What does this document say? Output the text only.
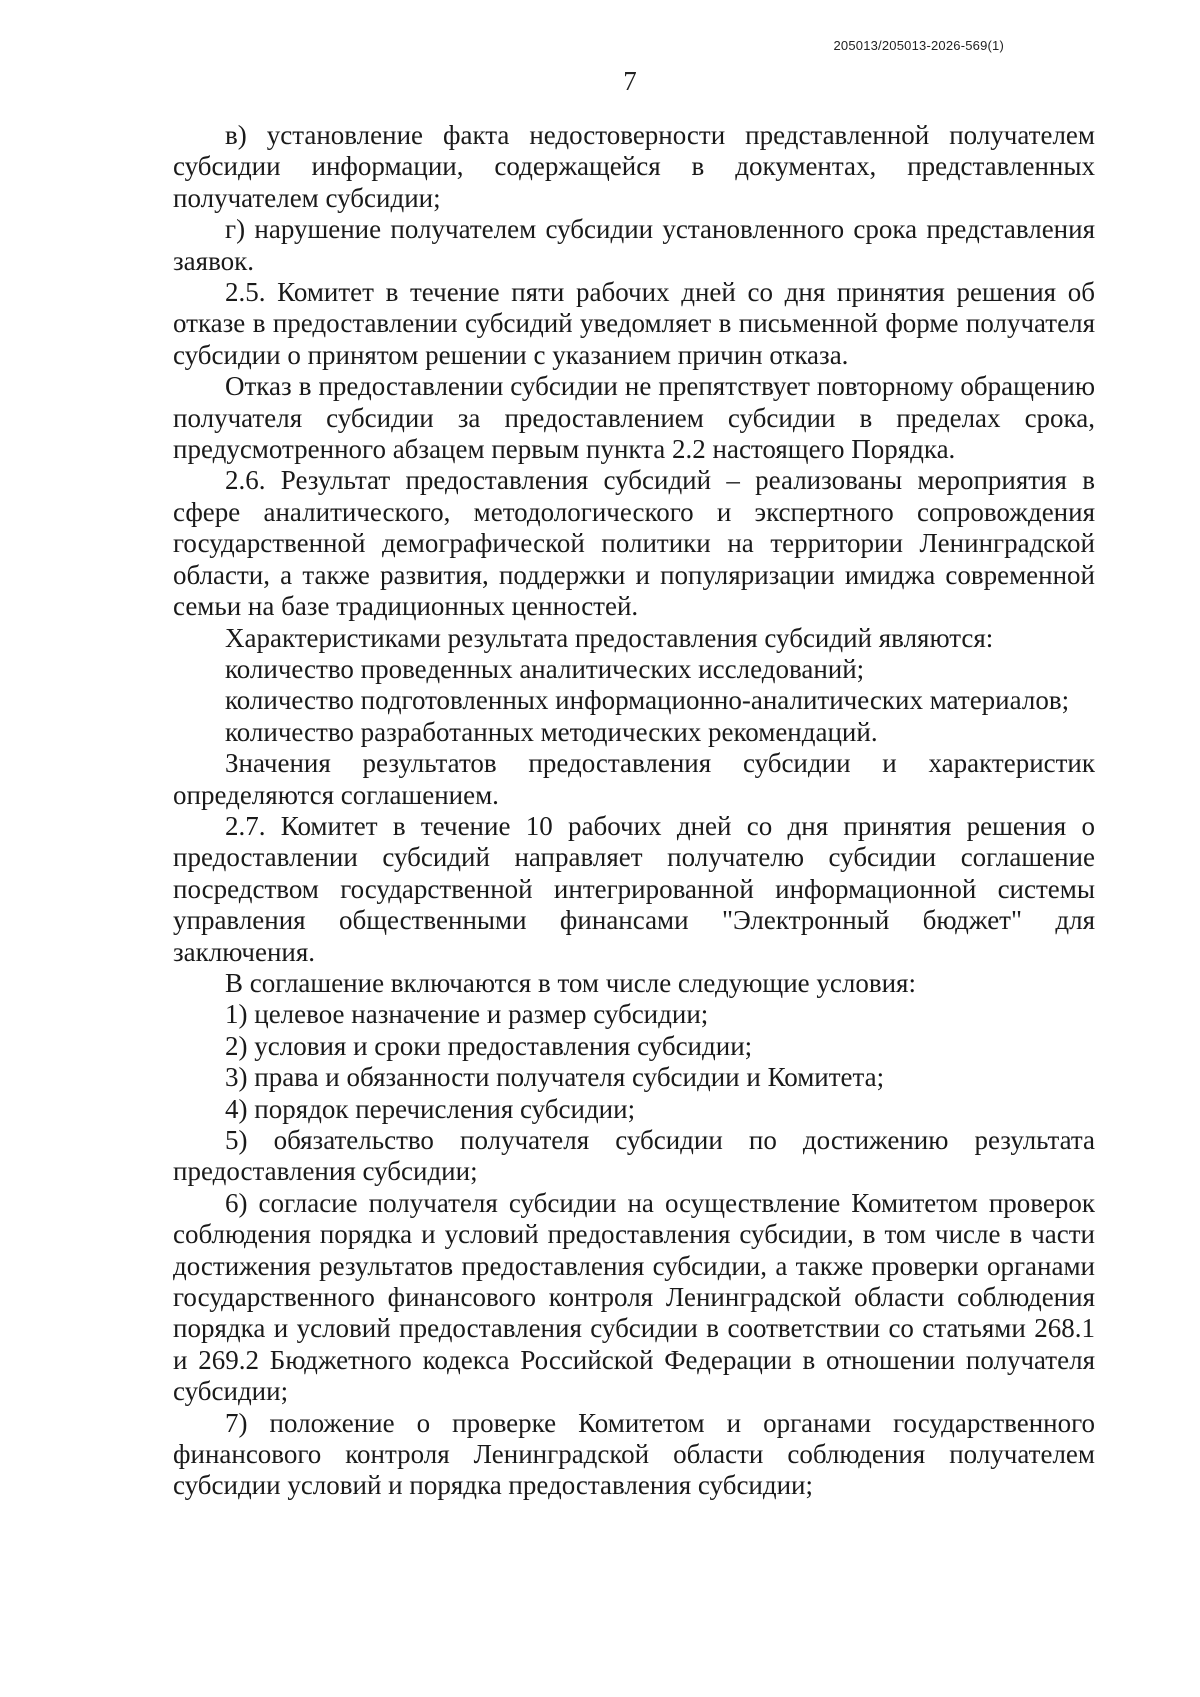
205013/205013-2026-569(1)
7

в) установление факта недостоверности представленной получателем субсидии информации, содержащейся в документах, представленных получателем субсидии;

г) нарушение получателем субсидии установленного срока представления заявок.

2.5. Комитет в течение пяти рабочих дней со дня принятия решения об отказе в предоставлении субсидий уведомляет в письменной форме получателя субсидии о принятом решении с указанием причин отказа.

Отказ в предоставлении субсидии не препятствует повторному обращению получателя субсидии за предоставлением субсидии в пределах срока, предусмотренного абзацем первым пункта 2.2 настоящего Порядка.

2.6. Результат предоставления субсидий – реализованы мероприятия в сфере аналитического, методологического и экспертного сопровождения государственной демографической политики на территории Ленинградской области, а также развития, поддержки и популяризации имиджа современной семьи на базе традиционных ценностей.

Характеристиками результата предоставления субсидий являются:

количество проведенных аналитических исследований;

количество подготовленных информационно-аналитических материалов;

количество разработанных методических рекомендаций.

Значения результатов предоставления субсидии и характеристик определяются соглашением.

2.7. Комитет в течение 10 рабочих дней со дня принятия решения о предоставлении субсидий направляет получателю субсидии соглашение посредством государственной интегрированной информационной системы управления общественными финансами "Электронный бюджет" для заключения.

В соглашение включаются в том числе следующие условия:

1) целевое назначение и размер субсидии;

2) условия и сроки предоставления субсидии;

3) права и обязанности получателя субсидии и Комитета;

4) порядок перечисления субсидии;

5) обязательство получателя субсидии по достижению результата предоставления субсидии;

6) согласие получателя субсидии на осуществление Комитетом проверок соблюдения порядка и условий предоставления субсидии, в том числе в части достижения результатов предоставления субсидии, а также проверки органами государственного финансового контроля Ленинградской области соблюдения порядка и условий предоставления субсидии в соответствии со статьями 268.1 и 269.2 Бюджетного кодекса Российской Федерации в отношении получателя субсидии;

7) положение о проверке Комитетом и органами государственного финансового контроля Ленинградской области соблюдения получателем субсидии условий и порядка предоставления субсидии;
